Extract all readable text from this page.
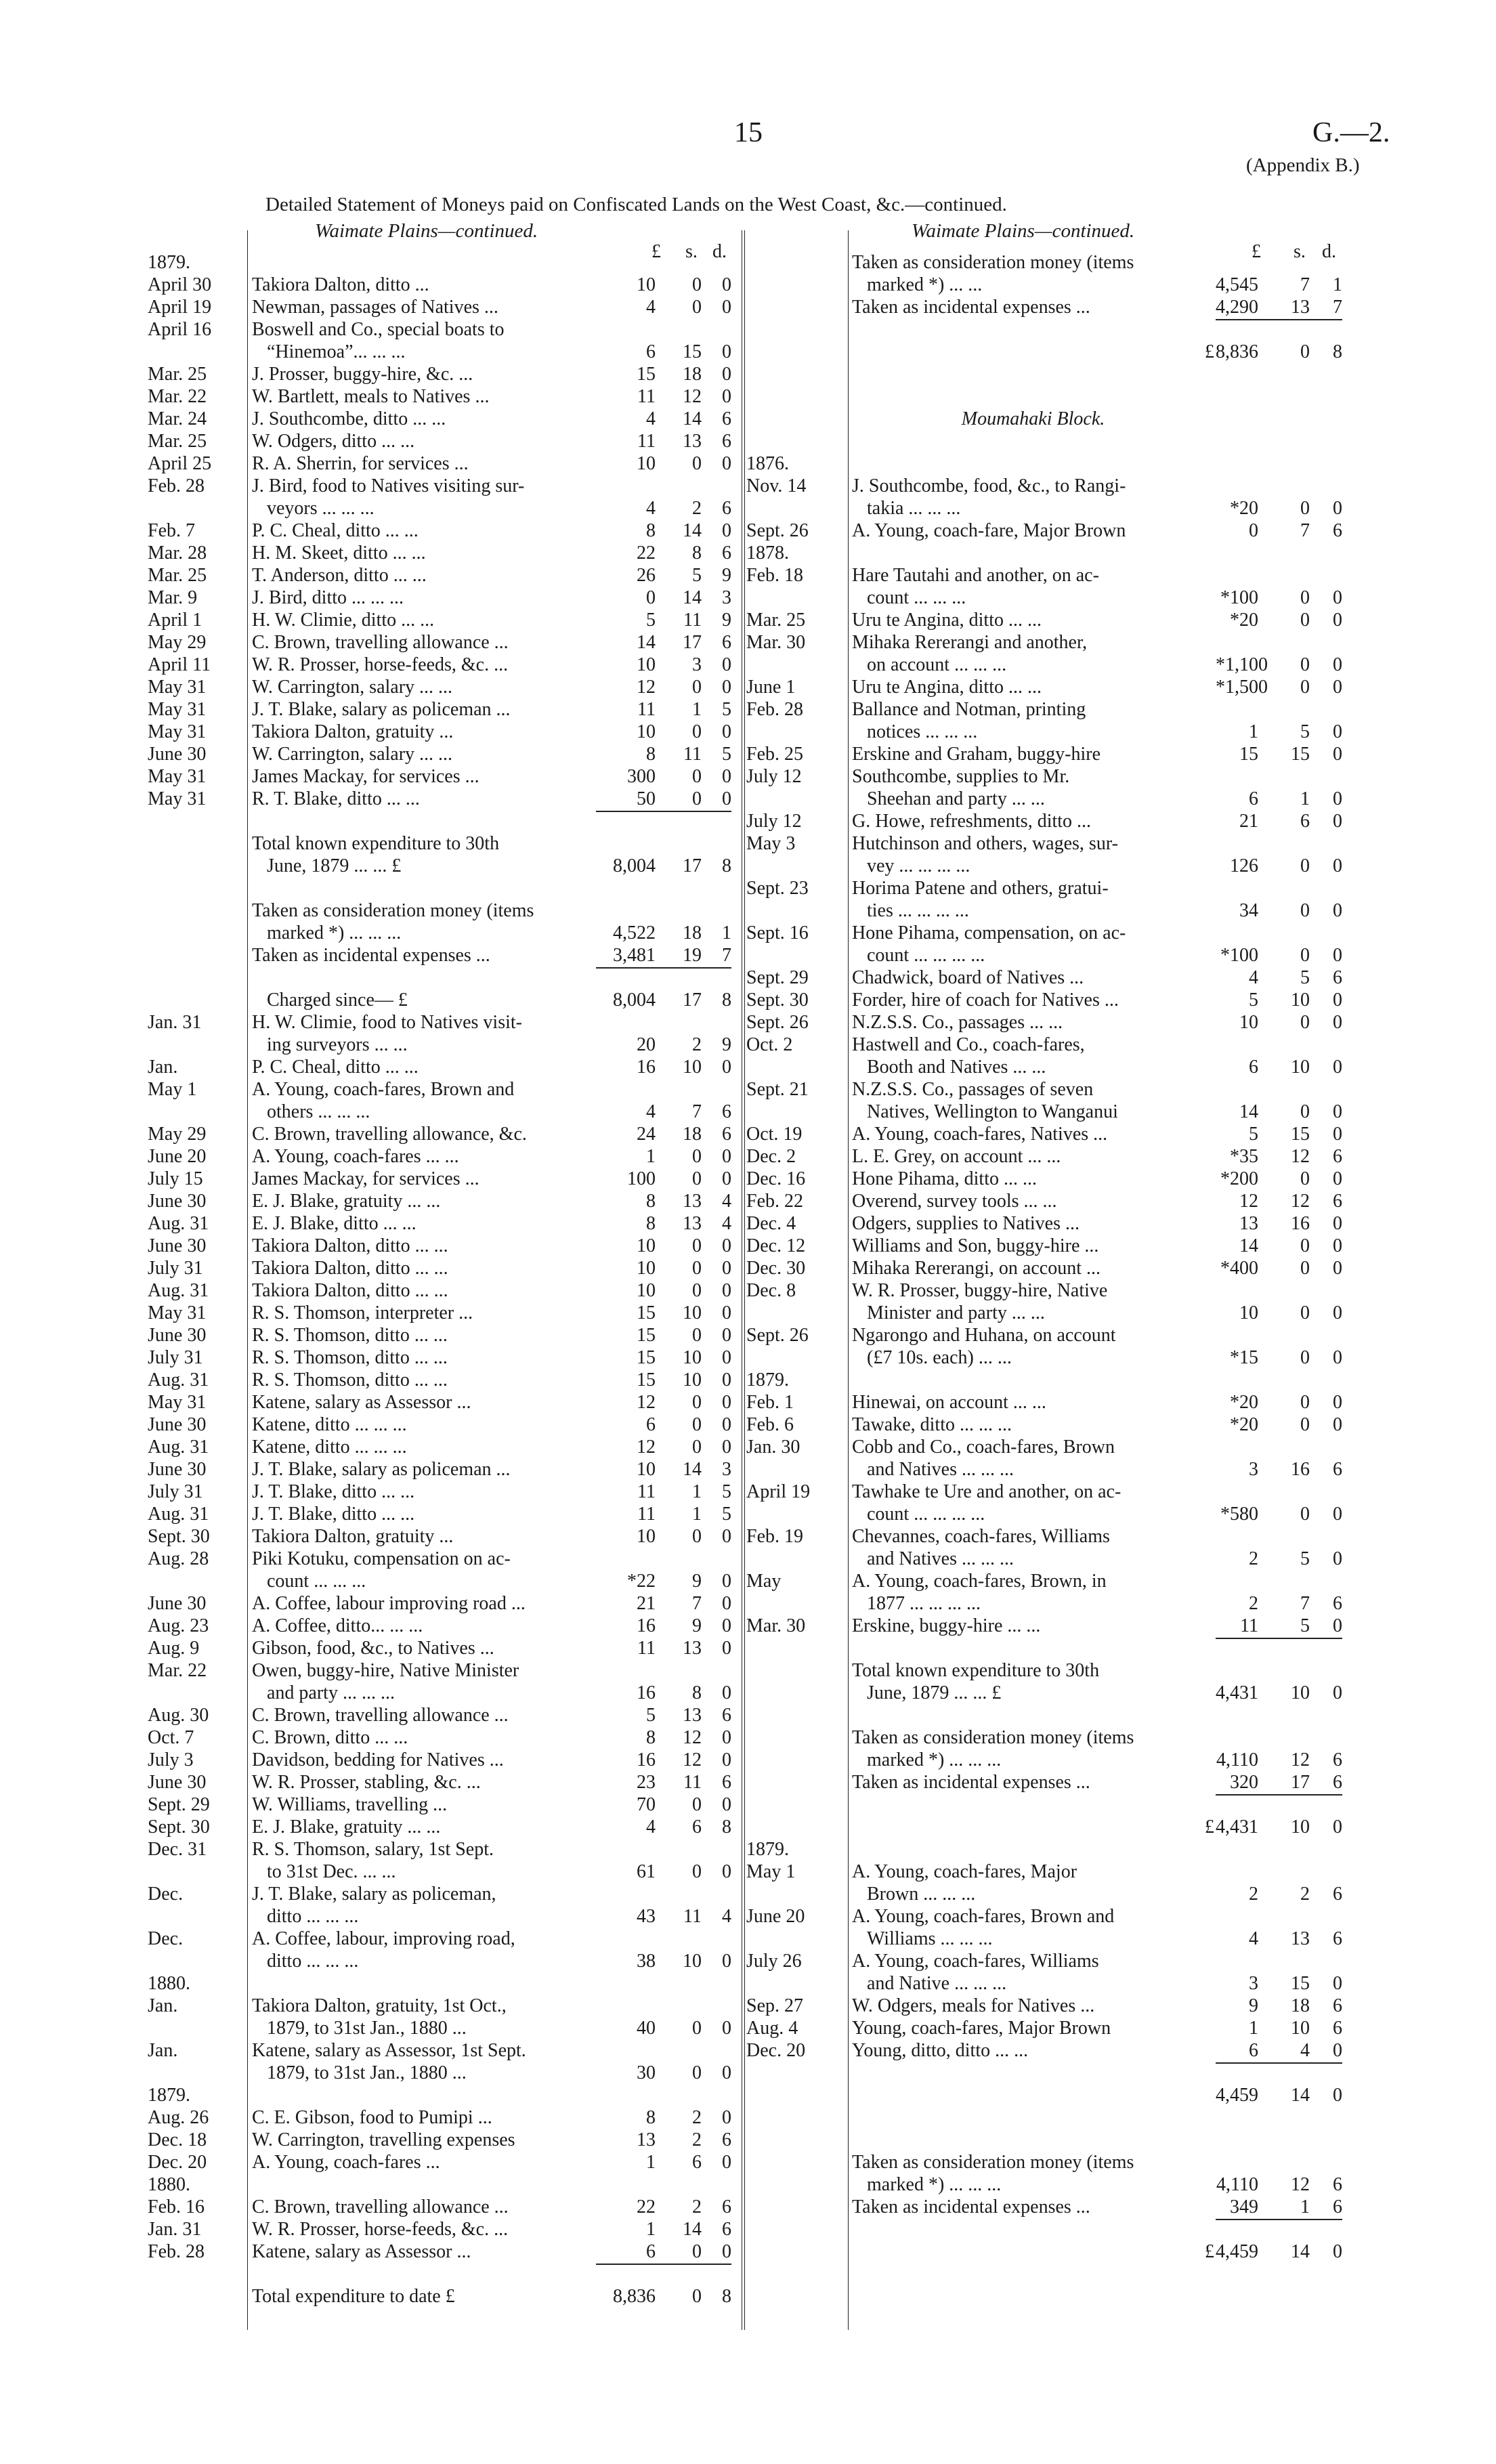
15	G.—2.
(Appendix B.)
Detailed Statement of Moneys paid on Confiscated Lands on the West Coast, &c.—continued.
Waimate Plains—continued.	Waimate Plains—continued.
£ s. d.	£ s. d.
1879.
April 30 Takiora Dalton, ditto ...	10	0	0
April 19 Newman, passages of Natives ...	4	0	0
April 16 Boswell and Co., special boats to
“Hinemoa”... ... ...	6	15	0
Mar. 25 J. Prosser, buggy-hire, &c. ...	15	18	0
Mar. 22 W. Bartlett, meals to Natives ...	11	12	0
Mar. 24 J. Southcombe, ditto ... ...	4	14	6
Mar. 25 W. Odgers, ditto ... ...	11	13	6
April 25 R. A. Sherrin, for services ...	10	0	0
Feb. 28	J. Bird, food to Natives visiting sur-
veyors ... ... ...	4	2	6
Feb. 7	P. C. Cheal, ditto ... ...	8	14	0
Mar. 28 H. M. Skeet, ditto ... ...	22	8	6
Mar. 25 T. Anderson, ditto ... ...	26	5	9
Mar. 9	J. Bird, ditto ... ... ...	0	14	3
April 1	H. W. Climie, ditto ... ...	5	11	9
May 29 C. Brown, travelling allowance ...	14	17	6
April 11 W. R. Prosser, horse-feeds, &c. ...	10	3	0
May 31 W. Carrington, salary ... ...	12	0	0
May 31 J. T. Blake, salary as policeman ...	11	1	5
May 31 Takiora Dalton, gratuity ...	10	0	0
June 30 W. Carrington, salary ... ...	8	11	5
May 31 James Mackay, for services ...	300	0	0
May 31 R. T. Blake, ditto ... ...	50	0	0
Total known expenditure to 30th
June, 1879 ... ... £	8,004	17	8
Taken as consideration money (items
marked *) ... ... ...	4,522	18	1
Taken as incidental expenses ...	3,481	19	7
Charged since— £	8,004	17	8
Jan. 31	H. W. Climie, food to Natives visit-
ing surveyors ... ...	20	2	9
Jan.	P. C. Cheal, ditto ... ...	16	10	0
May 1	A. Young, coach-fares, Brown and
others ... ... ...	4	7	6
May 29 C. Brown, travelling allowance, &c.	24	18	6
June 20 A. Young, coach-fares ... ...	1	0	0
July 15	James Mackay, for services ...	100	0	0
June 30 E. J. Blake, gratuity ... ...	8	13	4
Aug. 31 E. J. Blake, ditto ... ...	8	13	4
June 30 Takiora Dalton, ditto ... ...	10	0	0
July 31	Takiora Dalton, ditto ... ...	10	0	0
Aug. 31 Takiora Dalton, ditto ... ...	10	0	0
May 31 R. S. Thomson, interpreter ...	15	10	0
June 30 R. S. Thomson, ditto ... ...	15	0	0
July 31	R. S. Thomson, ditto ... ...	15	10	0
Aug. 31 R. S. Thomson, ditto ... ...	15	10	0
May 31 Katene, salary as Assessor ...	12	0	0
June 30 Katene, ditto ... ... ...	6	0	0
Aug. 31 Katene, ditto ... ... ...	12	0	0
June 30 J. T. Blake, salary as policeman ...	10	14	3
July 31	J. T. Blake, ditto ... ...	11	1	5
Aug. 31 J. T. Blake, ditto ... ...	11	1	5
Sept. 30 Takiora Dalton, gratuity ...	10	0	0
Aug. 28 Piki Kotuku, compensation on ac-
count ... ... ...	*22	9	0
June 30 A. Coffee, labour improving road ...	21	7	0
Aug. 23 A. Coffee, ditto... ... ...	16	9	0
Aug. 9	Gibson, food, &c., to Natives ...	11	13	0
Mar. 22 Owen, buggy-hire, Native Minister
and party ... ... ...	16	8	0
Aug. 30 C. Brown, travelling allowance ...	5	13	6
Oct. 7	C. Brown, ditto ... ...	8	12	0
July 3	Davidson, bedding for Natives ...	16	12	0
June 30 W. R. Prosser, stabling, &c. ...	23	11	6
Sept. 29 W. Williams, travelling ...	70	0	0
Sept. 30 E. J. Blake, gratuity ... ...	4	6	8
Dec. 31 R. S. Thomson, salary, 1st Sept.
to 31st Dec. ... ...	61	0	0
Dec.	J. T. Blake, salary as policeman,
ditto ... ... ...	43	11	4
Dec.	A. Coffee, labour, improving road,
ditto ... ... ...	38	10	0
1880.
Jan.	Takiora Dalton, gratuity, 1st Oct.,
1879, to 31st Jan., 1880 ...	40	0	0
Jan.	Katene, salary as Assessor, 1st Sept.
1879, to 31st Jan., 1880 ...	30	0	0
1879.
Aug. 26 C. E. Gibson, food to Pumipi ...	8	2	0
Dec. 18 W. Carrington, travelling expenses	13	2	6
Dec. 20 A. Young, coach-fares ...	1	6	0
1880.
Feb. 16	C. Brown, travelling allowance ...	22	2	6
Jan. 31	W. R. Prosser, horse-feeds, &c. ...	1	14	6
Feb. 28	Katene, salary as Assessor ...	6	0	0
Total expenditure to date £	8,836	0	8
Taken as consideration money (items
marked *) ... ...	4,545	7	1
Taken as incidental expenses ...	4,290	13	7
£ 8,836	0	8
Moumahaki Block.
1876.
Nov. 14 J. Southcombe, food, &c., to Rangi-
takia ... ... ...	*20	0	0
Sept. 26 A. Young, coach-fare, Major Brown	0	7	6
1878.
Feb. 18	Hare Tautahi and another, on ac-
count ... ... ...	*100	0	0
Mar. 25 Uru te Angina, ditto ... ...	*20	0	0
Mar. 30 Mihaka Rererangi and another,
on account ... ... ...	*1,100	0	0
June 1	Uru te Angina, ditto ... ...	*1,500	0	0
Feb. 28	Ballance and Notman, printing
notices ... ... ...	1	5	0
Feb. 25	Erskine and Graham, buggy-hire	15	15	0
July 12	Southcombe, supplies to Mr.
Sheehan and party ... ...	6	1	0
July 12	G. Howe, refreshments, ditto ...	21	6	0
May 3	Hutchinson and others, wages, sur-
vey ... ... ... ...	126	0	0
Sept. 23 Horima Patene and others, gratui-
ties ... ... ... ...	34	0	0
Sept. 16 Hone Pihama, compensation, on ac-
count ... ... ... ...	*100	0	0
Sept. 29 Chadwick, board of Natives ...	4	5	6
Sept. 30 Forder, hire of coach for Natives ...	5	10	0
Sept. 26 N.Z.S.S. Co., passages ... ...	10	0	0
Oct. 2	Hastwell and Co., coach-fares,
Booth and Natives ... ...	6	10	0
Sept. 21 N.Z.S.S. Co., passages of seven
Natives, Wellington to Wanganui	14	0	0
Oct. 19	A. Young, coach-fares, Natives ...	5	15	0
Dec. 2	L. E. Grey, on account ... ...	*35	12	6
Dec. 16 Hone Pihama, ditto ... ...	*200	0	0
Feb. 22	Overend, survey tools ... ...	12	12	6
Dec. 4	Odgers, supplies to Natives ...	13	16	0
Dec. 12 Williams and Son, buggy-hire ...	14	0	0
Dec. 30 Mihaka Rererangi, on account ...	*400	0	0
Dec. 8	W. R. Prosser, buggy-hire, Native
Minister and party ... ...	10	0	0
Sept. 26 Ngarongo and Huhana, on account
(£7 10s. each) ... ...	*15	0	0
1879.
Feb. 1	Hinewai, on account ... ...	*20	0	0
Feb. 6	Tawake, ditto ... ... ...	*20	0	0
Jan. 30	Cobb and Co., coach-fares, Brown
and Natives ... ... ...	3	16	6
April 19 Tawhake te Ure and another, on ac-
count ... ... ... ...	*580	0	0
Feb. 19	Chevannes, coach-fares, Williams
and Natives ... ... ...	2	5	0
May	A. Young, coach-fares, Brown, in
1877 ... ... ... ...	2	7	6
Mar. 30 Erskine, buggy-hire ... ...	11	5	0
Total known expenditure to 30th
June, 1879 ... ... £	4,431	10	0
Taken as consideration money (items
marked *) ... ... ...	4,110	12	6
Taken as incidental expenses ...	320	17	6
£ 4,431	10	0
1879.
May 1	A. Young, coach-fares, Major
Brown ... ... ...	2	2	6
June 20 A. Young, coach-fares, Brown and
Williams ... ... ...	4	13	6
July 26	A. Young, coach-fares, Williams
and Native ... ... ...	3	15	0
Sep. 27	W. Odgers, meals for Natives ...	9	18	6
Aug. 4	Young, coach-fares, Major Brown	1	10	6
Dec. 20 Young, ditto, ditto ... ...	6	4	0
4,459	14	0
Taken as consideration money (items
marked *) ... ... ...	4,110	12	6
Taken as incidental expenses ...	349	1	6
£ 4,459	14	0
